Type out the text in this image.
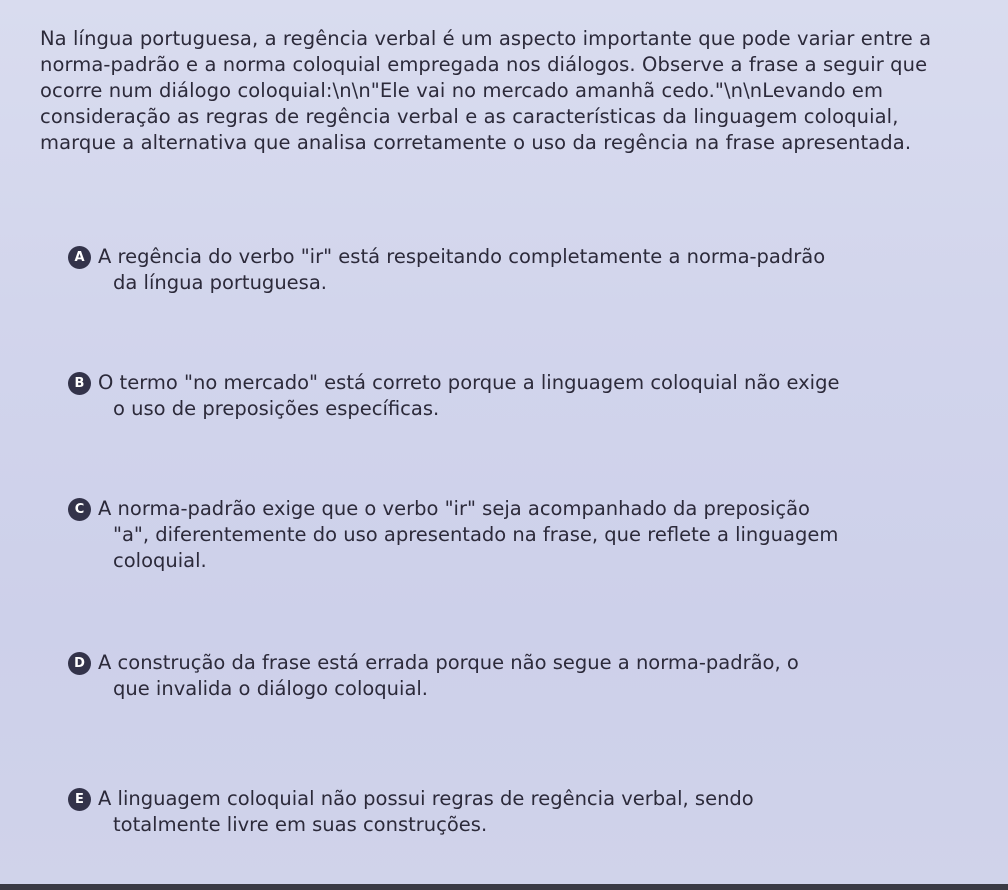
Na língua portuguesa, a regência verbal é um aspecto importante que pode variar entre a norma-padrão e a norma coloquial empregada nos diálogos. Observe a frase a seguir que ocorre num diálogo coloquial:\n\n"Ele vai no mercado amanhã cedo."\n\nLevando em consideração as regras de regência verbal e as características da linguagem coloquial, marque a alternativa que analisa corretamente o uso da regência na frase apresentada.

A A regência do verbo "ir" está respeitando completamente a norma-padrão
da língua portuguesa.
B O termo "no mercado" está correto porque a linguagem coloquial não exige
o uso de preposições específicas.
C A norma-padrão exige que o verbo "ir" seja acompanhado da preposição
"a", diferentemente do uso apresentado na frase, que reflete a linguagem coloquial.
D A construção da frase está errada porque não segue a norma-padrão, o
que invalida o diálogo coloquial.
E A linguagem coloquial não possui regras de regência verbal, sendo
totalmente livre em suas construções.
